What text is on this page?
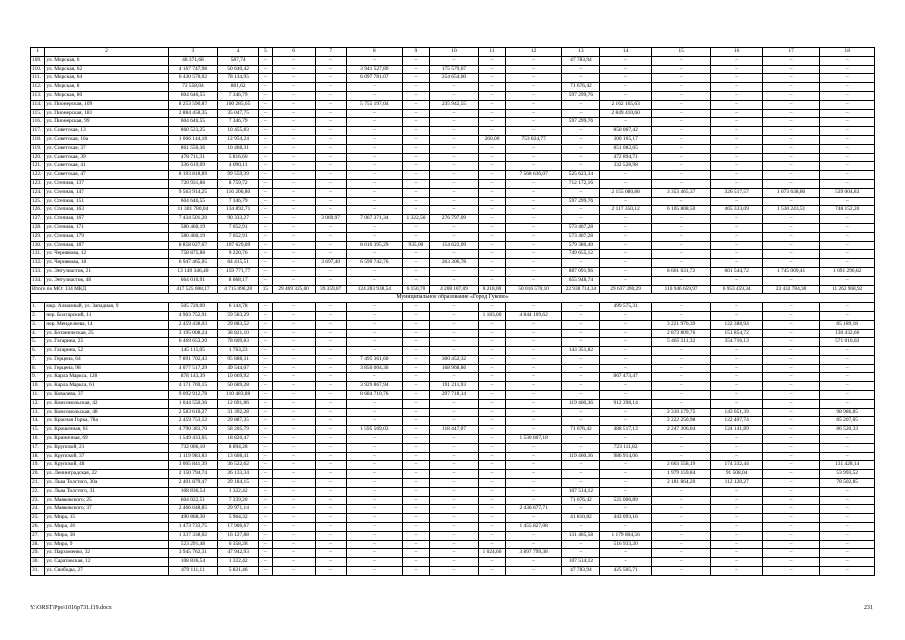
1	2	3	4	5	6	7	8	9	10	11	12	13	14	15	16	17	18
109.	ул. Морская, 6	48 371,68	587,74	–	–	–	–	–	–	–	–	47 783,94	–	–	–	–	–
110.	ул. Морская, 62	4 167 747,98	50 640,42	–	–	–	3 941 527,89	–	175 579,67	–	–	–	–	–	–	–	–
111.	ул. Морская, 64	6 430 570,02	78 134,95	–	–	–	6 097 781,07	–	254 654,00	–	–	–	–	–	–	–	–
112.	ул. Морская, 8	72 558,04	881,62	–	–	–	–	–	–	–	–	71 676,42	–	–	–	–	–
113.	ул. Морская, 80	604 646,55	7 346,79	–	–	–	–	–	–	–	–	597 299,76	–	–	–	–	–
114.	ул. Пионерская, 109	8 253 590,87	100 285,65	–	–	–	5 755 197,04	–	235 942,55	–	–	–	2 162 165,63	–	–	–	–
115.	ул. Пионерская, 181	2 884 458,35	35 047,75	–	–	–	–	–	–	–	–	–	2 849 410,60	–	–	–	–
116.	ул. Пионерская, 99	604 646,55	7 346,79	–	–	–	–	–	–	–	–	597 299,76	–	–	–	–	–
117.	ул. Советская, 13	860 523,25	10 455,83	–	–	–	–	–	–	–	–	–	850 067,42	–	–	–	–
118.	ул. Советская, 16а	1 066 144,18	12 954,24	–	–	–	–	–	–	260,00	753 024,77	–	300 165,17	–	–	–	–
119.	ул. Советская, 37	861 550,36	10 468,31	–	–	–	–	–	–	–	–	–	851 082,05	–	–	–	–
120.	ул. Советская, 39	478 711,31	5 816,60	–	–	–	–	–	–	–	–	–	472 894,71	–	–	–	–
121.	ул. Советская, 41	336 619,09	4 090,11	–	–	–	–	–	–	–	–	–	332 528,98	–	–	–	–
122.	ул. Советская, 47	8 193 818,89	99 559,39	–	–	–	–	–	–	–	7 568 636,07	525 623,34	–	–	–	–	–
123.	ул. Степная, 137	720 931,88	8 759,72	–	–	–	–	–	–	–	–	712 172,16	–	–	–	–	–
124.	ул. Степная, 147	9 563 914,25	116 206,80	–	–	–	–	–	–	–	–	–	2 155 080,88	3 353 465,37	326 517,57	1 073 638,80	539 004,83
125.	ул. Степная, 151	604 646,55	7 346,79	–	–	–	–	–	–	–	–	597 299,76	–	–	–	–	–
126.	ул. Степная, 163	11 301 780,04	134 892,71	–	–	–	–	–	–	–	–	–	2 117 350,12	6 105 808,50	465 333,09	1 530 243,51	748 152,20
127.	ул. Степная, 167	7 434 501,20	90 333,27	–	–	3 069,97	7 067 371,34	1 322,50	276 797,09	–	–	–	–	–	–	–	–
128.	ул. Степная, 171	580 460,19	7 052,91	–	–	–	–	–	–	–	–	573 407,28	–	–	–	–	–
129.	ул. Степная, 179	580 460,19	7 052,91	–	–	–	–	–	–	–	–	573 407,28	–	–	–	–	–
130.	ул. Степная, 187	8 858 027,67	107 629,89	–	–	–	8 016 395,29	935,00	154 622,09	–	–	579 380,40	–	–	–	–	–
131.	ул. Чернякова, 12	758 875,88	9 220,76	–	–	–	–	–	–	–	–	749 655,12	–	–	–	–	–
132.	ул. Чернякова, 18	6 947 465,05	84 415,51	–	–	3 697,40	6 599 742,76	–	263 306,78	–	–	–	–	–	–	–	–
133.	ул. Энтузиастов, 21	13 149 346,40	159 771,77	–	–	–	–	–	–	–	–	887 091,96	–	8 661 631,72	601 544,72	1 745 009,41	1 091 296,82
134.	ул. Энтузиастов, 48	664 016,91	8 068,17	–	–	–	–	–	–	–	–	655 948,74	–	–	–	–	–
Итого по МО: 134 МКД		417 525 088,17	4 715 090,28	15	29 469 325,00	39 359,87	124 283 938,54	6 150,70	4 208 187,09	8 218,00	50 016 570,10	22 938 714,34	29 637 390,29	110 946 659,97	6 953 459,34	23 432 784,30	11 262 968,92
Муниципальное образование «Город Гуково»																	
1.	мкр. Алмазный, ул. Западная, 9	505 720,09	6 144,78	–	–	–	–	–	–	–	–	–	499 575,31	–	–	–	–
2.	пер. Болгарский, 11	4 903 752,91	59 583,29	–	–	–	–	–	–	1 183,00	4 844 169,62	–	–	–	–	–	–
3.	пер. Менделеева, 14	2 459 438,03	29 883,52	–	–	–	–	–	–	–	–	–	–	3 221 976,39	122 388,94	–	85 189,18
4.	ул. Ботаническая, 25	3 195 008,24	38 821,10	–	–	–	–	–	–	–	–	–	–	2 873 809,76	151 854,72	–	130 432,66
5.	ул. Гагарина, 25	6 469 653,20	78 609,83	–	–	–	–	–	–	–	–	–	–	5 465 311,32	354 716,13	–	571 016,02
6.	ул. Гагарина, 52	145 115,05	1 763,23	–	–	–	–	–	–	–	–	143 351,82	–	–	–	–	–
7.	ул. Герцена, 64	7 891 702,43	95 888,31	–	–	–	7 495 361,60	–	300 452,32	–	–	–	–	–	–	–	–
8.	ул. Герцена, 98	4 077 517,29	49 544,07	–	–	–	3 850 004,36	–	168 968,86	–	–	–	–	–	–	–	–
9.	ул. Карла Маркса, 128	878 143,39	10 669,92	–	–	–	–	–	–	–	–	–	867 473,47	–	–	–	–
10.	ул. Карла Маркса, 61	4 171 769,15	50 689,28	–	–	–	3 929 867,94	–	191 211,93	–	–	–	–	–	–	–	–
11.	ул. Ковалева, 37	9 092 912,78	110 483,88	–	–	–	8 684 710,76	–	297 718,14	–	–	–	–	–	–	–	–
12.	ул. Комсомольская, 42	1 044 550,36	12 691,86	–	–	–	–	–	–	–	–	119 460,36	912 398,14	–	–	–	–
13.	ул. Комсомольская, 48	2 583 610,27	31 392,28	–	–	–	–	–	–	–	–	–	–	2 310 179,75	143 051,39	–	98 986,85
14.	ул. Красная Горка, 78а	2 459 753,12	29 887,35	–	–	–	–	–	–	–	–	–	–	2 222 250,98	122 407,74	–	85 207,05
15.	ул. Крошечная, 61	4 790 383,70	58 205,79	–	–	–	1 595 569,03	–	118 447,07	–	–	71 676,42	488 517,13	2 247 306,04	124 141,89	–	86 520,33
16.	ул. Криничная, 69	1 549 433,65	18 826,47	–	–	–	–	–	–	–	1 530 607,18	–	–	–	–	–	–
17.	ул. Крупской, 21	732 006,10	8 894,28	–	–	–	–	–	–	–	–	–	723 111,82	–	–	–	–
18.	ул. Крупской, 37	1 119 983,83	13 608,41	–	–	–	–	–	–	–	–	119 460,36	986 914,06	–	–	–	–
19.	ул. Крупской, 48	3 005 841,39	36 522,62	–	–	–	–	–	–	–	–	–	–	2 663 558,19	174 332,44	–	131 428,14
20.	ул. Ленинградская, 22	2 150 794,74	26 133,34	–	–	–	–	–	–	–	–	–	–	1 979 159,84	91 508,04	–	53 993,52
21.	ул. Льва Толстого, 30а	2 401 879,47	29 184,15	–	–	–	–	–	–	–	–	–	–	2 181 864,20	112 128,27	–	78 502,85
22.	ул. Льва Толстого, 31	108 836,54	1 322,42	–	–	–	–	–	–	–	–	107 514,12	–	–	–	–	–
23.	ул. Маяковского, 25	604 022,51	7 339,20	–	–	–	–	–	–	–	–	71 676,42	525 006,89	–	–	–	–
24.	ул. Маяковского, 37	2 466 648,85	29 971,14	–	–	–	–	–	–	–	2 436 677,71	–	–	–	–	–	–
25.	ул. Мира, 15	490 868,30	5 964,32	–	–	–	–	–	–	–	–	41 810,82	443 093,16	–	–	–	–
26.	ул. Мира, 26	1 473 733,75	17 906,67	–	–	–	–	–	–	–	1 455 827,08	–	–	–	–	–	–
27.	ул. Мира, 36	1 337 338,02	16 127,88	–	–	–	–	–	–	–	–	131 405,58	1 179 804,56	–	–	–	–
28.	ул. Мира, 9	523 291,48	6 358,28	–	–	–	–	–	–	–	–	–	516 933,20	–	–	–	–
29.	ул. Пархоменко, 32	3 945 762,31	47 942,93	–	–	–	–	–	–	1 024,60	3 897 799,38	–	–	–	–	–	–
30.	ул. Саратовская, 12	108 836,54	1 322,42	–	–	–	–	–	–	–	–	107 514,12	–	–	–	–	–
31.	ул. Свободы, 27	479 111,11	5 821,46	–	–	–	–	–	–	–	–	47 783,94	425 505,71	–	–	–	–
Y:\ORST\Ppo\1016p731.f19.docx	231
